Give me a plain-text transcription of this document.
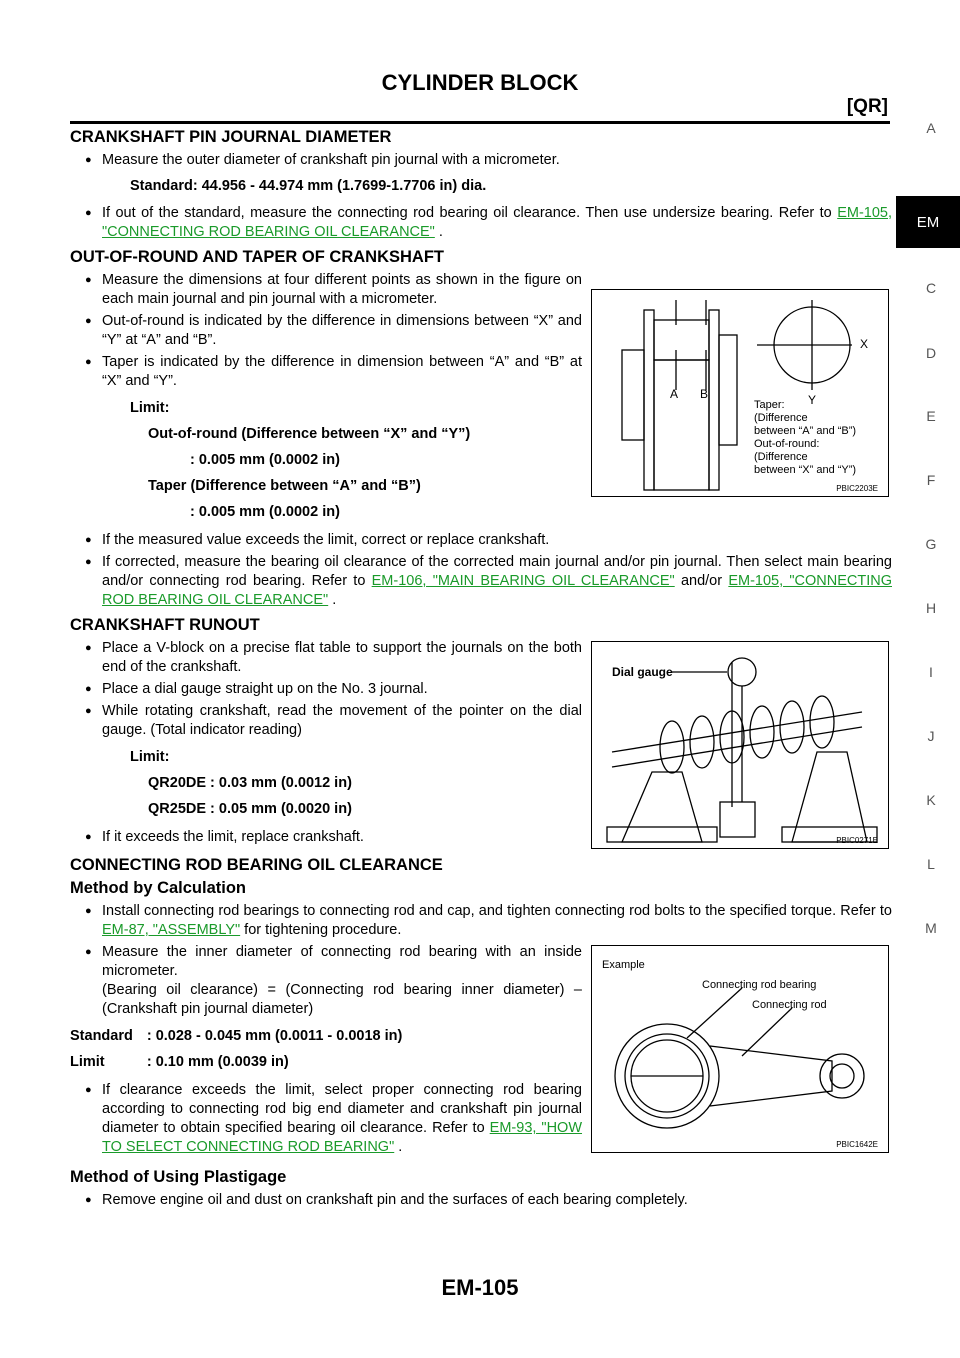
CYLINDER BLOCK
[QR]
A
EM
C
D
E
F
G
H
I
J
K
L
M
CRANKSHAFT PIN JOURNAL DIAMETER
● Measure the outer diameter of crankshaft pin journal with a micrometer.
Standard: 44.956 - 44.974 mm (1.7699-1.7706 in) dia.
● If out of the standard, measure the connecting rod bearing oil clearance. Then use undersize bearing. Refer to EM-105, "CONNECTING ROD BEARING OIL CLEARANCE" .
OUT-OF-ROUND AND TAPER OF CRANKSHAFT
● Measure the dimensions at four different points as shown in the figure on each main journal and pin journal with a micrometer.
● Out-of-round is indicated by the difference in dimensions between “X” and “Y” at “A” and “B”.
● Taper is indicated by the difference in dimension between “A” and “B” at “X” and “Y”.
Limit:
Out-of-round (Difference between “X” and “Y”)
: 0.005 mm (0.0002 in)
Taper (Difference between “A” and “B”)
: 0.005 mm (0.0002 in)
A B
X
Y
Taper:
(Difference
between “A” and “B”)
Out-of-round:
(Difference
between “X” and “Y”)
PBIC2203E
● If the measured value exceeds the limit, correct or replace crankshaft.
● If corrected, measure the bearing oil clearance of the corrected main journal and/or pin journal. Then select main bearing and/or connecting rod bearing. Refer to EM-106, "MAIN BEARING OIL CLEARANCE" and/or EM-105, "CONNECTING ROD BEARING OIL CLEARANCE" .
CRANKSHAFT RUNOUT
● Place a V-block on a precise flat table to support the journals on the both end of the crankshaft.
● Place a dial gauge straight up on the No. 3 journal.
● While rotating crankshaft, read the movement of the pointer on the dial gauge. (Total indicator reading)
Limit:
QR20DE : 0.03 mm (0.0012 in)
QR25DE : 0.05 mm (0.0020 in)
● If it exceeds the limit, replace crankshaft.
Dial gauge
PBIC0271E
CONNECTING ROD BEARING OIL CLEARANCE
Method by Calculation
● Install connecting rod bearings to connecting rod and cap, and tighten connecting rod bolts to the specified torque. Refer to EM-87, "ASSEMBLY" for tightening procedure.
● Measure the inner diameter of connecting rod bearing with an inside micrometer.
(Bearing oil clearance) = (Connecting rod bearing inner diameter) – (Crankshaft pin journal diameter)
Standard	: 0.028 - 0.045 mm (0.0011 - 0.0018 in)
Limit	: 0.10 mm (0.0039 in)
● If clearance exceeds the limit, select proper connecting rod bearing according to connecting rod big end diameter and crankshaft pin journal diameter to obtain specified bearing oil clearance. Refer to EM-93, "HOW TO SELECT CONNECTING ROD BEARING" .
Example
Connecting rod bearing
Connecting rod
PBIC1642E
Method of Using Plastigage
● Remove engine oil and dust on crankshaft pin and the surfaces of each bearing completely.
EM-105
